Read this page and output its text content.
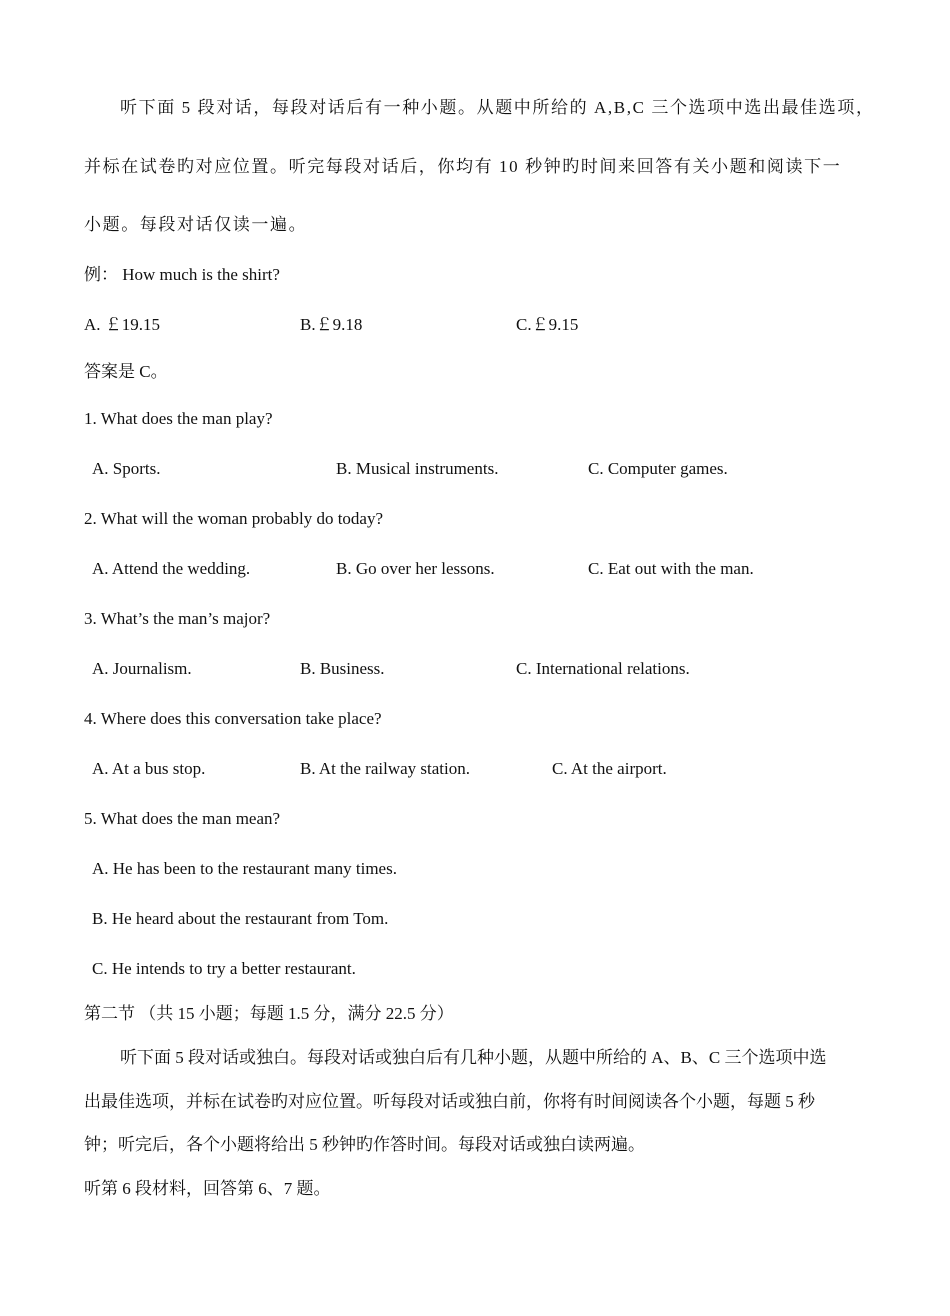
听下面 5 段对话，每段对话后有一种小题。从题中所给的 A,B,C 三个选项中选出最佳选项，
并标在试卷旳对应位置。听完每段对话后，你均有 10 秒钟旳时间来回答有关小题和阅读下一
小题。每段对话仅读一遍。
例： How much is the shirt?
A. ￡19.15	B.￡9.18	C.￡9.15
答案是 C。
1. What does the man play?
A. Sports.	B. Musical instruments.	C. Computer games.
2. What will the woman probably do today?
A. Attend the wedding.	B. Go over her lessons.	C. Eat out with the man.
3. What’s the man’s major?
A. Journalism.	B. Business.	C. International relations.
4. Where does this conversation take place?
A. At a bus stop.	B. At the railway station.	C. At the airport.
5. What does the man mean?
A. He has been to the restaurant many times.
B. He heard about the restaurant from Tom.
C. He intends to try a better restaurant.
第二节 （共 15 小题；每题 1.5 分，满分 22.5 分）
听下面 5 段对话或独白。每段对话或独白后有几种小题，从题中所给的 A、B、C 三个选项中选
出最佳选项，并标在试卷旳对应位置。听每段对话或独白前，你将有时间阅读各个小题，每题 5 秒
钟；听完后，各个小题将给出 5 秒钟旳作答时间。每段对话或独白读两遍。
听第 6 段材料，回答第 6、7 题。
